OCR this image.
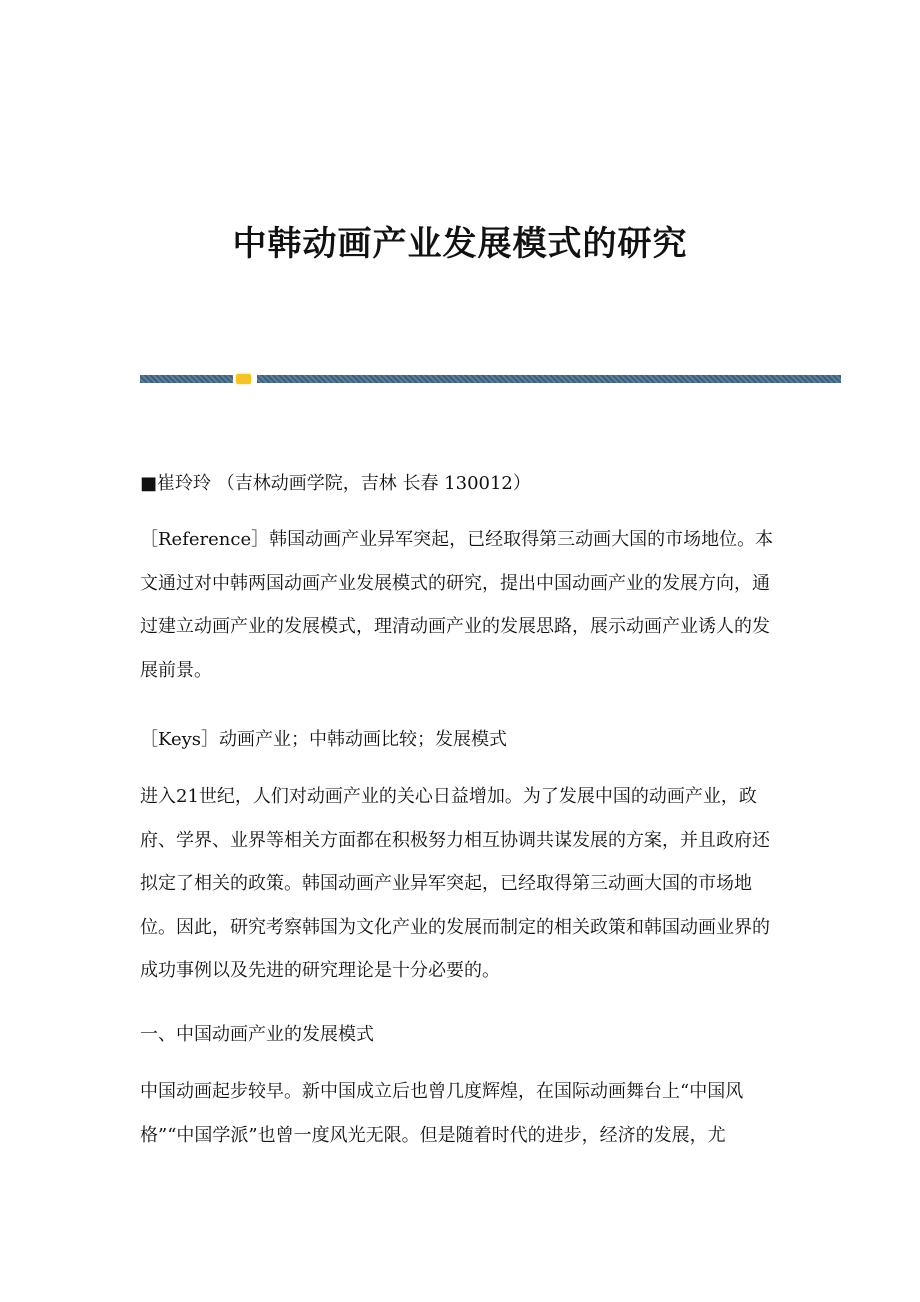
中韩动画产业发展模式的研究
■崔玲玲 （吉林动画学院，吉林 长春 130012）
［Reference］韩国动画产业异军突起，已经取得第三动画大国的市场地位。本文通过对中韩两国动画产业发展模式的研究，提出中国动画产业的发展方向，通过建立动画产业的发展模式，理清动画产业的发展思路，展示动画产业诱人的发展前景。
［Keys］动画产业；中韩动画比较；发展模式
进入21世纪，人们对动画产业的关心日益增加。为了发展中国的动画产业，政府、学界、业界等相关方面都在积极努力相互协调共谋发展的方案，并且政府还拟定了相关的政策。韩国动画产业异军突起，已经取得第三动画大国的市场地位。因此，研究考察韩国为文化产业的发展而制定的相关政策和韩国动画业界的成功事例以及先进的研究理论是十分必要的。
一、中国动画产业的发展模式
中国动画起步较早。新中国成立后也曾几度辉煌，在国际动画舞台上“中国风格”“中国学派”也曾一度风光无限。但是随着时代的进步，经济的发展，尤
